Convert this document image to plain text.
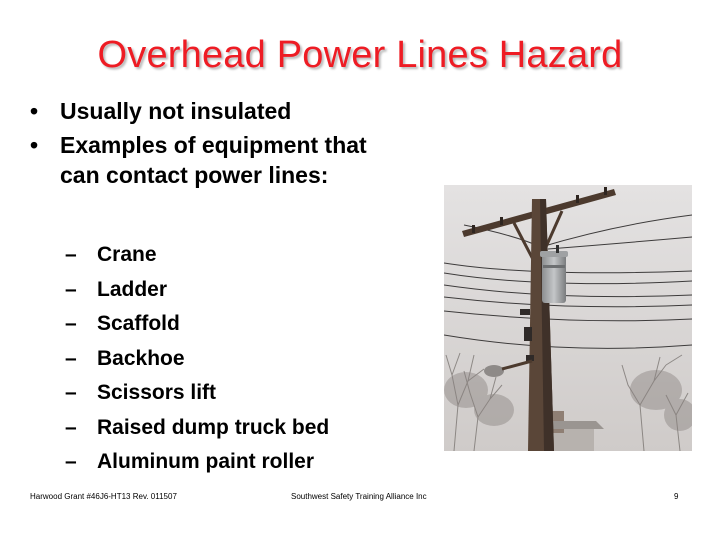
Overhead Power Lines Hazard
• Usually not insulated
• Examples of equipment that can contact power lines:
– Crane
– Ladder
– Scaffold
– Backhoe
– Scissors lift
– Raised dump truck bed
– Aluminum paint roller
Harwood Grant #46J6-HT13 Rev. 011507	Southwest Safety Training Alliance Inc	9
